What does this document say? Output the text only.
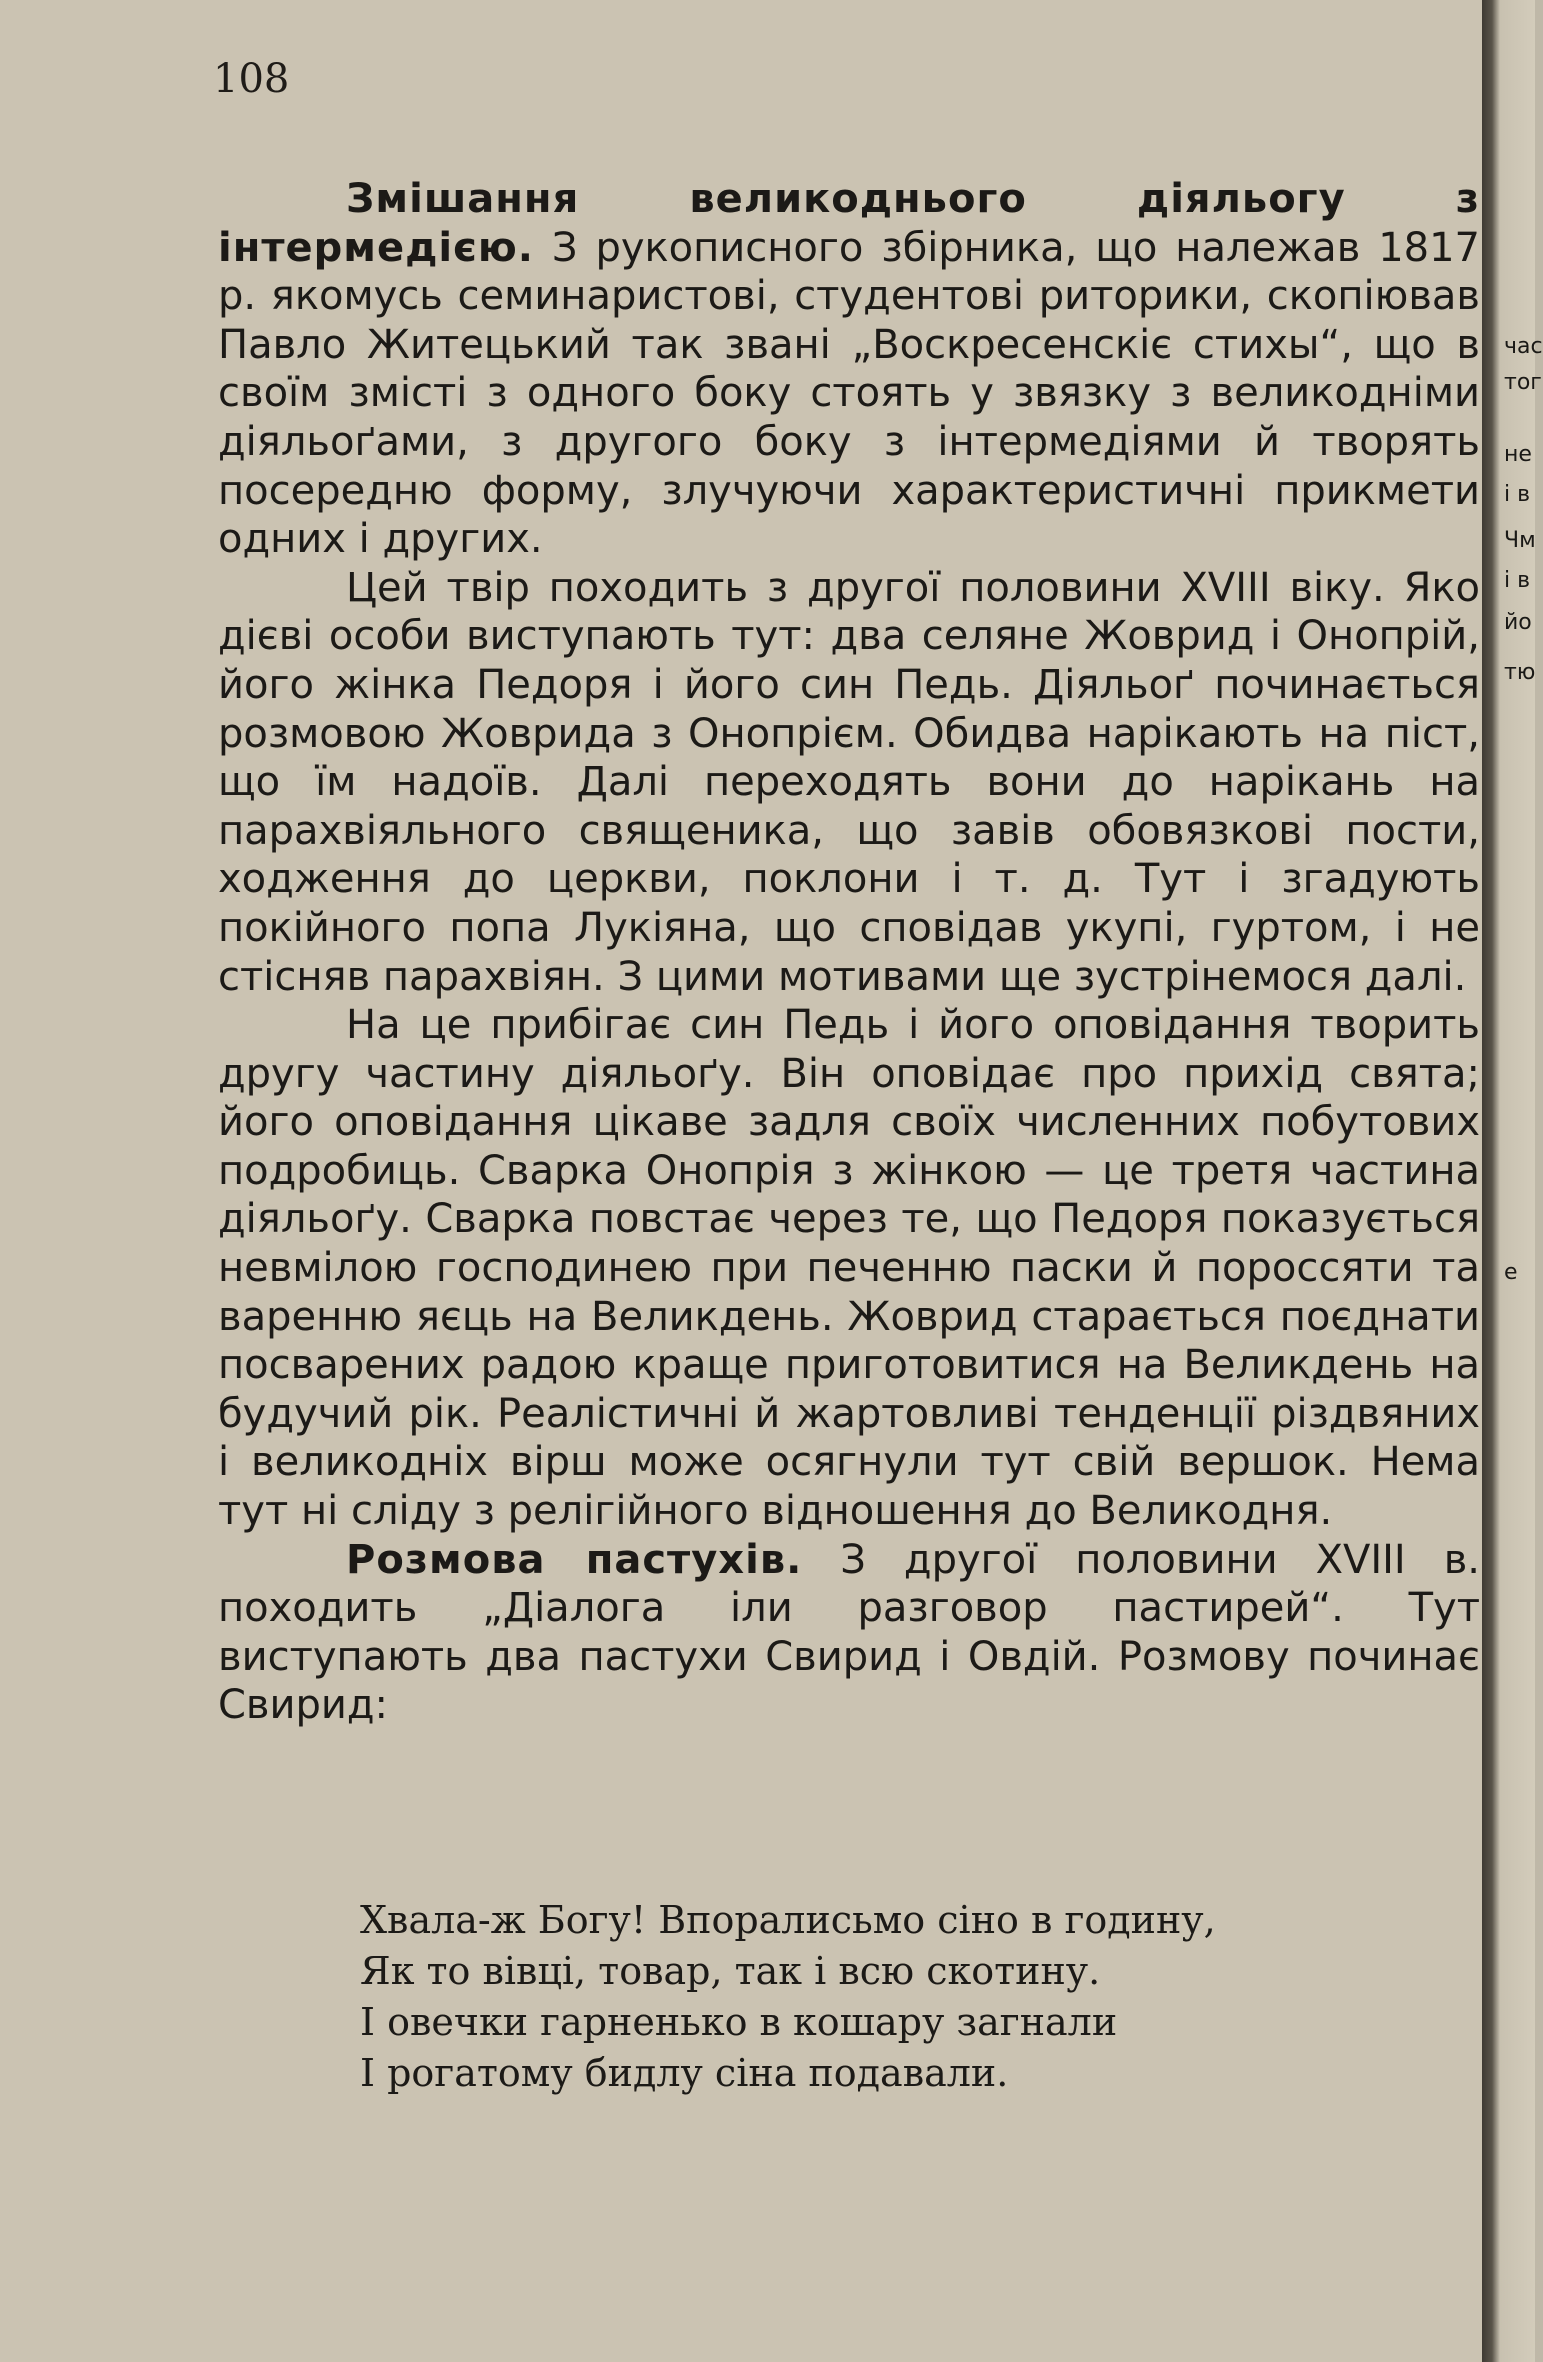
108

Змішання великоднього діяльогу з інтермедією. З рукописного збірника, що належав 1817 р. якомусь семинаристові, студентові риторики, скопіював Павло Житецький так звані „Воскресенскіє стихы“, що в своїм змісті з одного боку стоять у звязку з великодніми діяльоґами, з другого боку з інтермедіями й творять посередню форму, злучуючи характеристичні прикмети одних і других.

Цей твір походить з другої половини XVIII віку. Яко дієві особи виступають тут: два селяне Жоврид і Онопрій, його жінка Педоря і його син Педь. Діяльоґ починається розмовою Жоврида з Онопрієм. Обидва нарікають на піст, що їм надоїв. Далі переходять вони до нарікань на парахвіяльного священика, що завів обовязкові пости, ходження до церкви, поклони і т. д. Тут і згадують покійного попа Лукіяна, що сповідав укупі, гуртом, і не стісняв парахвіян. З цими мотивами ще зустрінемося далі.

На це прибігає син Педь і його оповідання творить другу частину діяльоґу. Він оповідає про прихід свята; його оповідання цікаве задля своїх численних побутових подробиць. Сварка Онопрія з жінкою — це третя частина діяльоґу. Сварка повстає через те, що Педоря показується невмілою господинею при печенню паски й пороссяти та варенню яєць на Великдень. Жоврид старається поєднати посварених радою краще приготовитися на Великдень на будучий рік. Реалістичні й жартовливі тенденції різдвяних і великодніх вірш може осягнули тут свій вершок. Нема тут ні сліду з релігійного відношення до Великодня.

Розмова пастухів. З другої половини XVIII в. походить „Діалога іли разговор пастирей“. Тут виступають два пастухи Свирид і Овдій. Розмову починає Свирид:

Хвала-ж Богу! Впоралисьмо сіно в годину,
Як то вівці, товар, так і всю скотину.
І овечки гарненько в кошару загнали
І рогатому бидлу сіна подавали.
час
тог
не
і в
Чм
і в
йо
тю
е
